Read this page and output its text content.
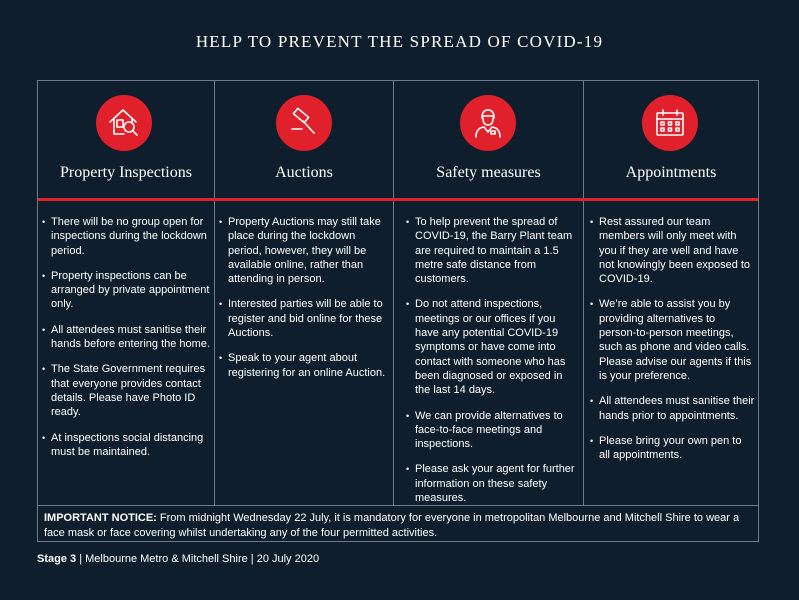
HELP TO PREVENT THE SPREAD OF COVID-19
Property Inspections
• There will be no group open for inspections during the lockdown period.
• Property inspections can be arranged by private appointment only.
• All attendees must sanitise their hands before entering the home.
• The State Government requires that everyone provides contact details. Please have Photo ID ready.
• At inspections social distancing must be maintained.
Auctions
• Property Auctions may still take place during the lockdown period, however, they will be available online, rather than attending in person.
• Interested parties will be able to register and bid online for these Auctions.
• Speak to your agent about registering for an online Auction.
Safety measures
• To help prevent the spread of COVID-19, the Barry Plant team are required to maintain a 1.5 metre safe distance from customers.
• Do not attend inspections, meetings or our offices if you have any potential COVID-19 symptoms or have come into contact with someone who has been diagnosed or exposed in the last 14 days.
• We can provide alternatives to face-to-face meetings and inspections.
• Please ask your agent for further information on these safety measures.
Appointments
• Rest assured our team members will only meet with you if they are well and have not knowingly been exposed to COVID-19.
• We’re able to assist you by providing alternatives to person-to-person meetings, such as phone and video calls. Please advise our agents if this is your preference.
• All attendees must sanitise their hands prior to appointments.
• Please bring your own pen to all appointments.
IMPORTANT NOTICE: From midnight Wednesday 22 July, it is mandatory for everyone in metropolitan Melbourne and Mitchell Shire to wear a face mask or face covering whilst undertaking any of the four permitted activities.
Stage 3 | Melbourne Metro & Mitchell Shire | 20 July 2020
